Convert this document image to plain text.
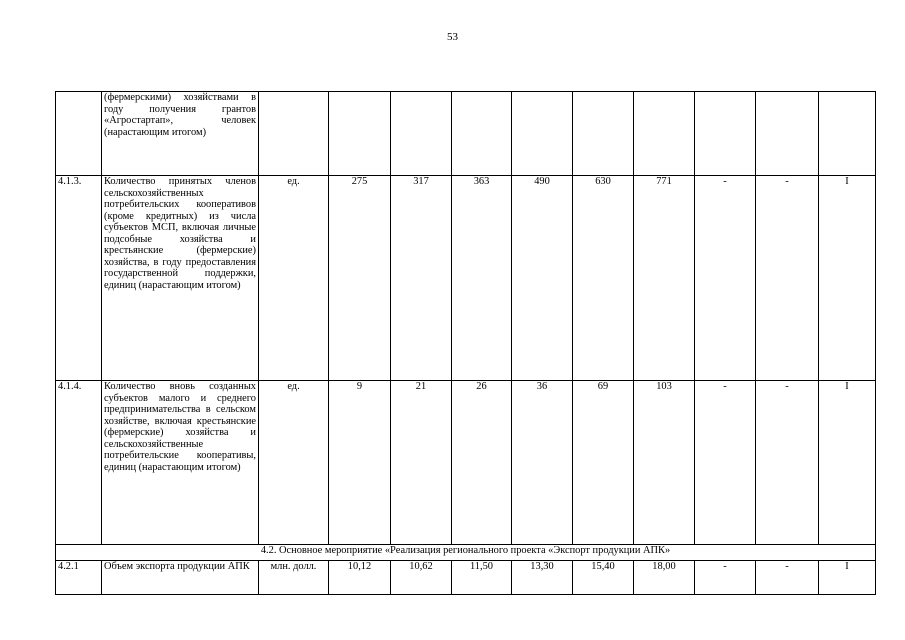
53
	(фермерскими) хозяйствами в году получения грантов «Агростартап», человек (нарастающим итогом)										
4.1.3.	Количество принятых членов сельскохозяйственных потребительских кооперативов (кроме кредитных) из числа субъектов МСП, включая личные подсобные хозяйства и крестьянские (фермерские) хозяйства, в году предоставления государственной поддержки, единиц (нарастающим итогом)	ед.	275	317	363	490	630	771	-	-	I
4.1.4.	Количество вновь созданных субъектов малого и среднего предпринимательства в сельском хозяйстве, включая крестьянские (фермерские) хозяйства и сельскохозяйственные потребительские кооперативы, единиц (нарастающим итогом)	ед.	9	21	26	36	69	103	-	-	I
4.2. Основное мероприятие «Реализация регионального проекта «Экспорт продукции АПК»											
4.2.1	Объем экспорта продукции АПК	млн. долл.	10,12	10,62	11,50	13,30	15,40	18,00	-	-	I
